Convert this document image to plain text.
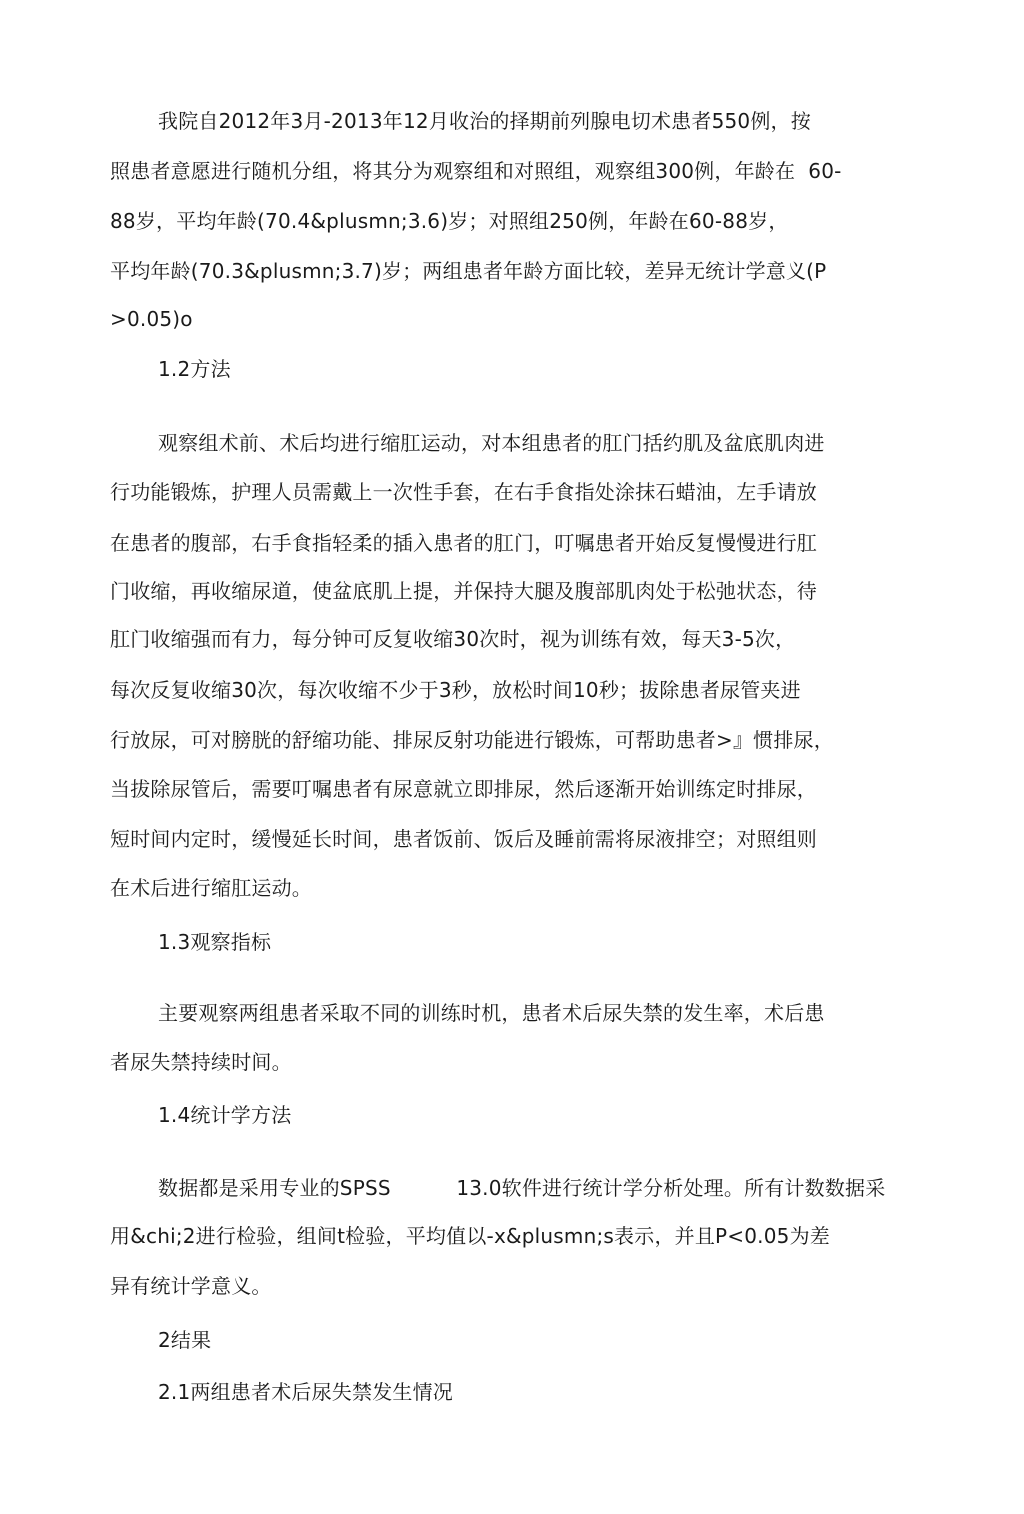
我院自2012年3月-2013年12月收治的择期前列腺电切术患者550例，按
照患者意愿进行随机分组，将其分为观察组和对照组，观察组300例，年龄在  60-
88岁，平均年龄(70.4&plusmn;3.6)岁；对照组250例，年龄在60-88岁，
平均年龄(70.3&plusmn;3.7)岁；两组患者年龄方面比较，差异无统计学意义(P
>0.05)o
1.2方法
观察组术前、术后均进行缩肛运动，对本组患者的肛门括约肌及盆底肌肉进
行功能锻炼，护理人员需戴上一次性手套，在右手食指处涂抹石蜡油，左手请放
在患者的腹部，右手食指轻柔的插入患者的肛门，叮嘱患者开始反复慢慢进行肛
门收缩，再收缩尿道，使盆底肌上提，并保持大腿及腹部肌肉处于松弛状态，待
肛门收缩强而有力，每分钟可反复收缩30次时，视为训练有效，每天3-5次，
每次反复收缩30次，每次收缩不少于3秒，放松时间10秒；拔除患者尿管夹进
行放尿，可对膀胱的舒缩功能、排尿反射功能进行锻炼，可帮助患者>』惯排尿，
当拔除尿管后，需要叮嘱患者有尿意就立即排尿，然后逐渐开始训练定时排尿，
短时间内定时，缓慢延长时间，患者饭前、饭后及睡前需将尿液排空；对照组则
在术后进行缩肛运动。
1.3观察指标
主要观察两组患者采取不同的训练时机，患者术后尿失禁的发生率，术后患
者尿失禁持续时间。
1.4统计学方法
数据都是采用专业的SPSS          13.0软件进行统计学分析处理。所有计数数据采
用&chi;2进行检验，组间t检验，平均值以-x&plusmn;s表示，并且P<0.05为差
异有统计学意义。
2结果
2.1两组患者术后尿失禁发生情况
